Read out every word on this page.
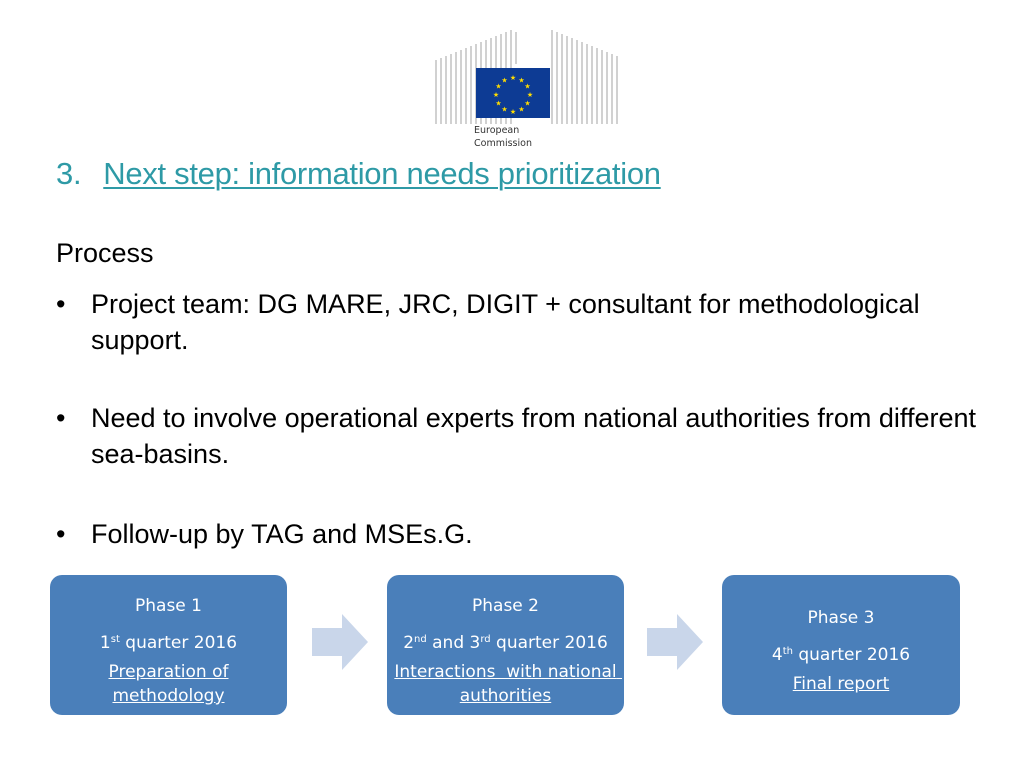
★ ★
★
★
★
★
★
★
★
★
★
★
European
Commission
3. Next step: information needs prioritization
Process
• Project team: DG MARE, JRC, DIGIT + consultant for methodological support.
• Need to involve operational experts from national authorities from different sea-basins.
• Follow-up by TAG and MSEs.G.
Phase 1
1st quarter 2016
Preparation of methodology
Phase 2
2nd and 3rd quarter 2016
Interactions  with national authorities
Phase 3
4th quarter 2016
Final report
